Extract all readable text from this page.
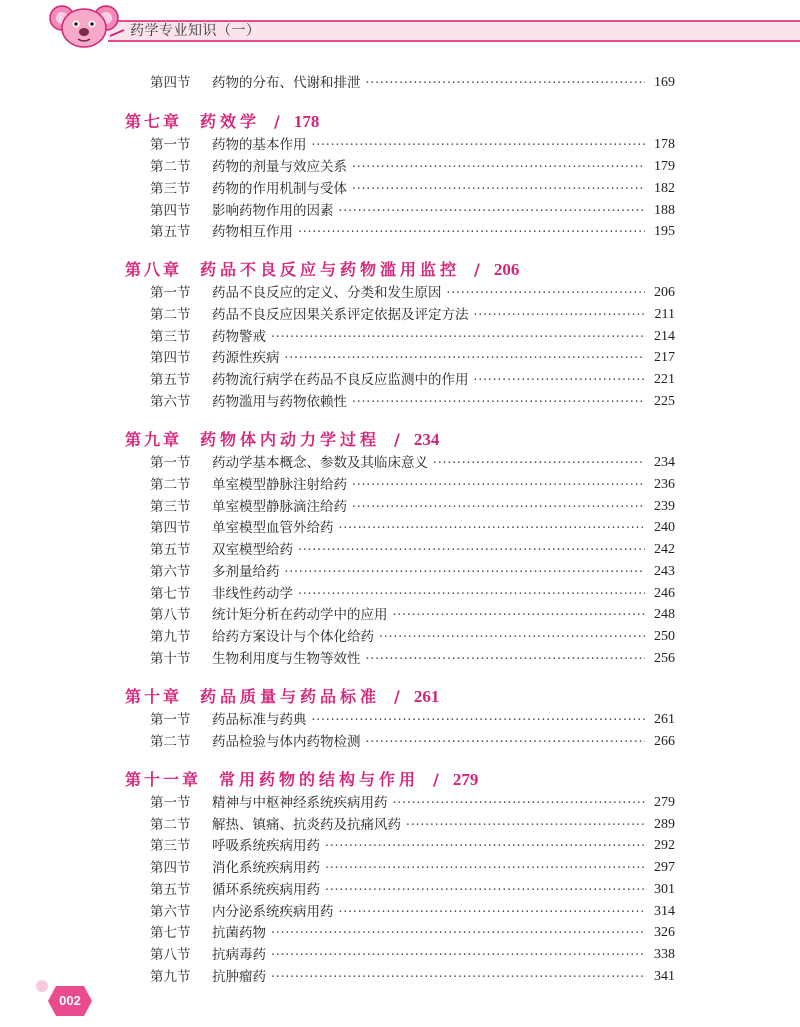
药学专业知识（一）
第四节	药物的分布、代谢和排泄 ·····	169
第七章 药效学 / 178
第一节	药物的基本作用 ·····	178
第二节	药物的剂量与效应关系 ·····	179
第三节	药物的作用机制与受体 ·····	182
第四节	影响药物作用的因素 ·····	188
第五节	药物相互作用 ·····	195
第八章 药品不良反应与药物滥用监控 / 206
第一节	药品不良反应的定义、分类和发生原因 ·····	206
第二节	药品不良反应因果关系评定依据及评定方法 ·····	211
第三节	药物警戒 ·····	214
第四节	药源性疾病 ·····	217
第五节	药物流行病学在药品不良反应监测中的作用 ·····	221
第六节	药物滥用与药物依赖性 ·····	225
第九章 药物体内动力学过程 / 234
第一节	药动学基本概念、参数及其临床意义 ·····	234
第二节	单室模型静脉注射给药 ·····	236
第三节	单室模型静脉滴注给药 ·····	239
第四节	单室模型血管外给药 ·····	240
第五节	双室模型给药 ·····	242
第六节	多剂量给药 ·····	243
第七节	非线性药动学 ·····	246
第八节	统计矩分析在药动学中的应用 ·····	248
第九节	给药方案设计与个体化给药 ·····	250
第十节	生物利用度与生物等效性 ·····	256
第十章 药品质量与药品标准 / 261
第一节	药品标准与药典 ·····	261
第二节	药品检验与体内药物检测 ·····	266
第十一章 常用药物的结构与作用 / 279
第一节	精神与中枢神经系统疾病用药 ·····	279
第二节	解热、镇痛、抗炎药及抗痛风药 ·····	289
第三节	呼吸系统疾病用药 ·····	292
第四节	消化系统疾病用药 ·····	297
第五节	循环系统疾病用药 ·····	301
第六节	内分泌系统疾病用药 ·····	314
第七节	抗菌药物 ·····	326
第八节	抗病毒药 ·····	338
第九节	抗肿瘤药 ·····	341
002
